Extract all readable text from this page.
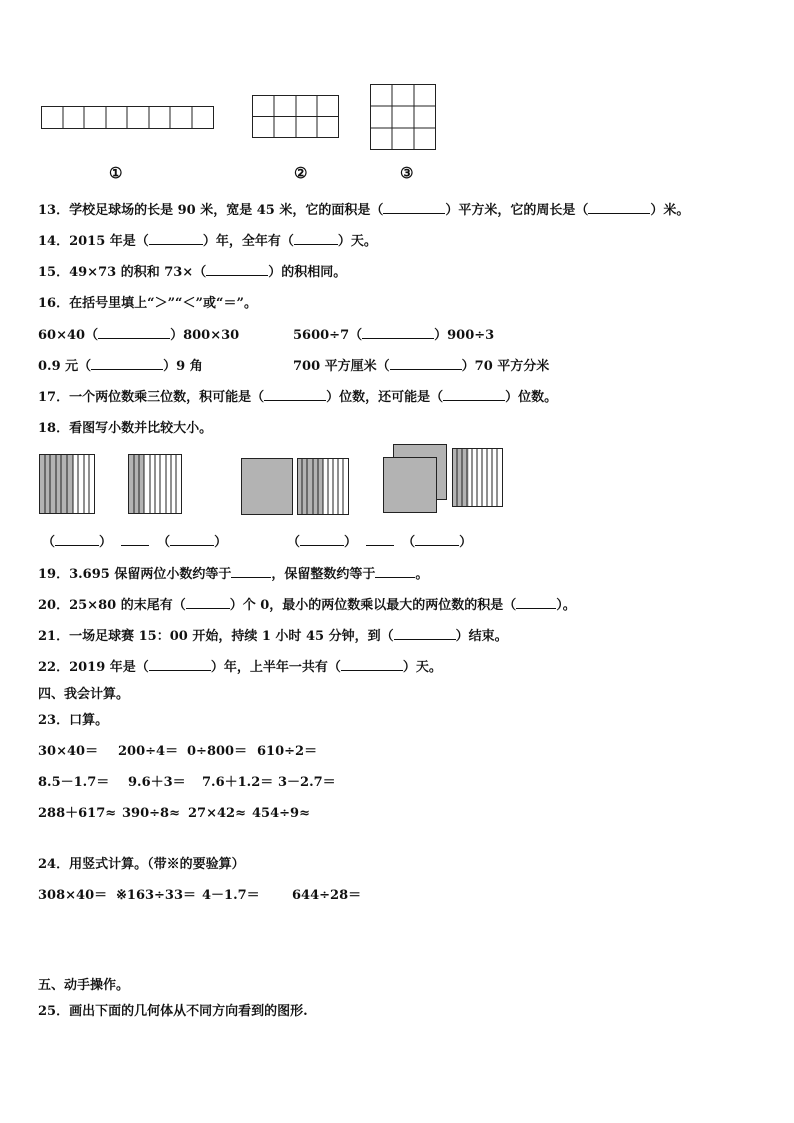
①	②	③
13．学校足球场的长是 90 米，宽是 45 米，它的面积是（	）平方米，它的周长是（	）米。
14．2015 年是（	）年，全年有（	）天。
15．49×73 的积和 73×（	）的积相同。
16．在括号里填上“＞”“＜”或“＝”。
60×40（	）800×30	5600÷7（	）900÷3
0.9 元（	）9 角	700 平方厘米（	）70 平方分米
17．一个两位数乘三位数，积可能是（	）位数，还可能是（	）位数。
18．看图写小数并比较大小。
（	）	（	）	（	）	（	）
19．3.695 保留两位小数约等于	，保留整数约等于	。
20．25×80 的末尾有（	）个 0，最小的两位数乘以最大的两位数的积是（	）。
21．一场足球赛 15：00 开始，持续 1 小时 45 分钟，到（	）结束。
22．2019 年是（	）年，上半年一共有（	）天。
四、我会计算。
23．口算。
30×40＝ 200÷4＝ 0÷800＝ 610÷2＝
8.5－1.7＝ 9.6＋3＝ 7.6＋1.2＝ 3－2.7＝
288＋617≈ 390÷8≈ 27×42≈ 454÷9≈
24．用竖式计算。（带※的要验算）
308×40＝ ※163÷33＝ 4－1.7＝ 644÷28＝
五、动手操作。
25．画出下面的几何体从不同方向看到的图形.
